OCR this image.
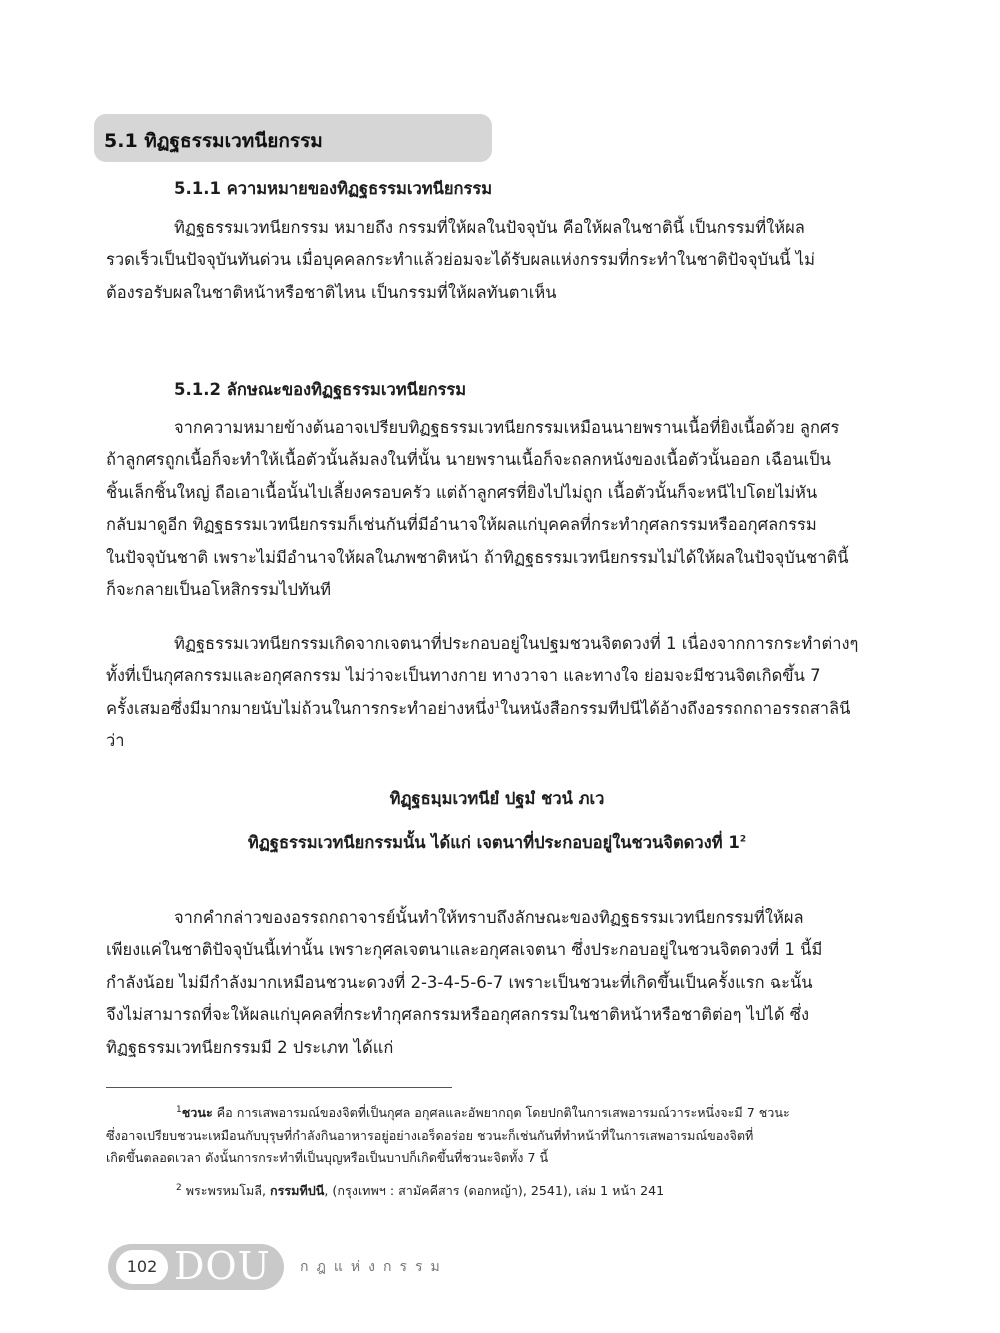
5.1 ทิฏฐธรรมเวทนียกรรม
5.1.1 ความหมายของทิฏฐธรรมเวทนียกรรม
ทิฏฐธรรมเวทนียกรรม หมายถึง กรรมที่ให้ผลในปัจจุบัน คือให้ผลในชาตินี้ เป็นกรรมที่ให้ผล
รวดเร็วเป็นปัจจุบันทันด่วน เมื่อบุคคลกระทำแล้วย่อมจะได้รับผลแห่งกรรมที่กระทำในชาติปัจจุบันนี้ ไม่
ต้องรอรับผลในชาติหน้าหรือชาติไหน เป็นกรรมที่ให้ผลทันตาเห็น
5.1.2 ลักษณะของทิฏฐธรรมเวทนียกรรม
จากความหมายข้างต้นอาจเปรียบทิฏฐธรรมเวทนียกรรมเหมือนนายพรานเนื้อที่ยิงเนื้อด้วย ลูกศร
ถ้าลูกศรถูกเนื้อก็จะทำให้เนื้อตัวนั้นล้มลงในที่นั้น นายพรานเนื้อก็จะถลกหนังของเนื้อตัวนั้นออก เฉือนเป็น
ชิ้นเล็กชิ้นใหญ่ ถือเอาเนื้อนั้นไปเลี้ยงครอบครัว แต่ถ้าลูกศรที่ยิงไปไม่ถูก เนื้อตัวนั้นก็จะหนีไปโดยไม่หัน
กลับมาดูอีก ทิฏฐธรรมเวทนียกรรมก็เช่นกันที่มีอำนาจให้ผลแก่บุคคลที่กระทำกุศลกรรมหรืออกุศลกรรม
ในปัจจุบันชาติ เพราะไม่มีอำนาจให้ผลในภพชาติหน้า ถ้าทิฏฐธรรมเวทนียกรรมไม่ได้ให้ผลในปัจจุบันชาตินี้
ก็จะกลายเป็นอโหสิกรรมไปทันที
ทิฏฐธรรมเวทนียกรรมเกิดจากเจตนาที่ประกอบอยู่ในปฐมชวนจิตดวงที่ 1 เนื่องจากการกระทำต่างๆ
ทั้งที่เป็นกุศลกรรมและอกุศลกรรม ไม่ว่าจะเป็นทางกาย ทางวาจา และทางใจ ย่อมจะมีชวนจิตเกิดขึ้น 7
ครั้งเสมอซึ่งมีมากมายนับไม่ถ้วนในการกระทำอย่างหนึ่ง$^1$ในหนังสือกรรมทีปนีได้อ้างถึงอรรถกถาอรรถสาลินี
ว่า
ทิฏฺฐธมฺมเวทนียํ ปฐมํ ชวนํ ภเว
ทิฏฐธรรมเวทนียกรรมนั้น ได้แก่ เจตนาที่ประกอบอยู่ในชวนจิตดวงที่ $1^2$
จากคำกล่าวของอรรถกถาจารย์นั้นทำให้ทราบถึงลักษณะของทิฏฐธรรมเวทนียกรรมที่ให้ผล
เพียงแค่ในชาติปัจจุบันนี้เท่านั้น เพราะกุศลเจตนาและอกุศลเจตนา ซึ่งประกอบอยู่ในชวนจิตดวงที่ 1 นี้มี
กำลังน้อย ไม่มีกำลังมากเหมือนชวนะดวงที่ 2-3-4-5-6-7 เพราะเป็นชวนะที่เกิดขึ้นเป็นครั้งแรก ฉะนั้น
จึงไม่สามารถที่จะให้ผลแก่บุคคลที่กระทำกุศลกรรมหรืออกุศลกรรมในชาติหน้าหรือชาติต่อๆ ไปได้ ซึ่ง
ทิฏฐธรรมเวทนียกรรมมี 2 ประเภท ได้แก่
$^1$ชวนะ คือ การเสพอารมณ์ของจิตที่เป็นกุศล อกุศลและอัพยากฤต โดยปกติในการเสพอารมณ์วาระหนึ่งจะมี 7 ชวนะ
ซึ่งอาจเปรียบชวนะเหมือนกับบุรุษที่กำลังกินอาหารอยู่อย่างเอร็ดอร่อย ชวนะก็เช่นกันที่ทำหน้าที่ในการเสพอารมณ์ของจิตที่
เกิดขึ้นตลอดเวลา ดังนั้นการกระทำที่เป็นบุญหรือเป็นบาปก็เกิดขึ้นที่ชวนะจิตทั้ง 7 นี้
$^2$ พระพรหมโมลี, กรรมทีปนี, (กรุงเทพฯ : สามัคคีสาร (ดอกหญ้า), 2541), เล่ม 1 หน้า 241
102 DOU กฎแห่งกรรม
